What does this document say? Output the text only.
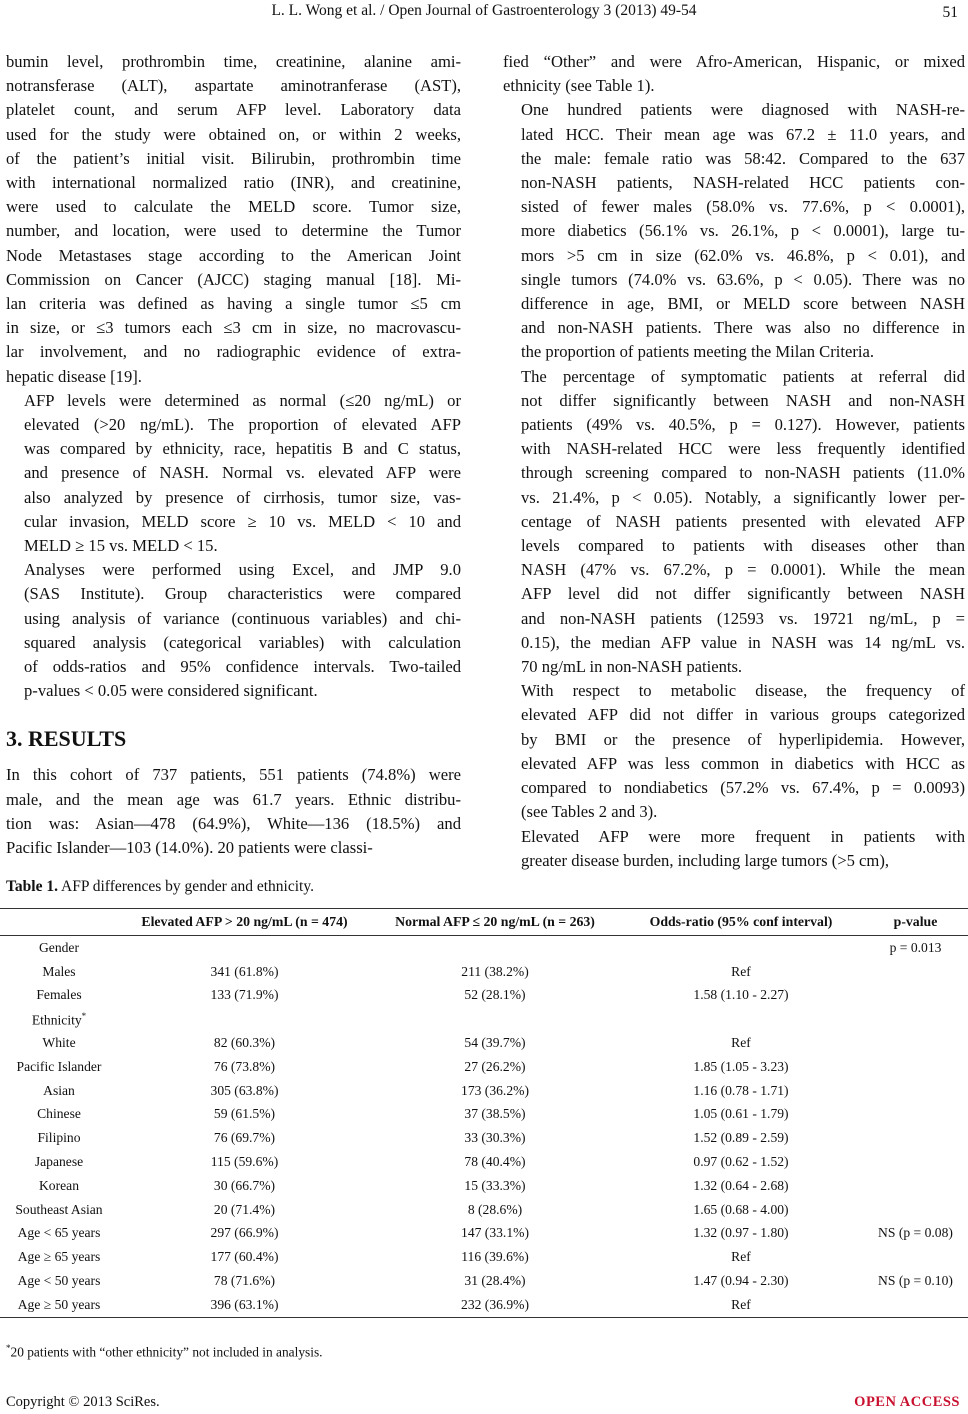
L. L. Wong et al. / Open Journal of Gastroenterology 3 (2013) 49-54	51

bumin level, prothrombin time, creatinine, alanine ami-
notransferase (ALT), aspartate aminotranferase (AST),
platelet count, and serum AFP level. Laboratory data
used for the study were obtained on, or within 2 weeks,
of the patient’s initial visit. Bilirubin, prothrombin time
with international normalized ratio (INR), and creatinine,
were used to calculate the MELD score. Tumor size,
number, and location, were used to determine the Tumor
Node Metastases stage according to the American Joint
Commission on Cancer (AJCC) staging manual [18]. Mi-
lan criteria was defined as having a single tumor ≤5 cm
in size, or ≤3 tumors each ≤3 cm in size, no macrovascu-
lar involvement, and no radiographic evidence of extra-
hepatic disease [19].

AFP levels were determined as normal (≤20 ng/mL) or
elevated (>20 ng/mL). The proportion of elevated AFP
was compared by ethnicity, race, hepatitis B and C status,
and presence of NASH. Normal vs. elevated AFP were
also analyzed by presence of cirrhosis, tumor size, vas-
cular invasion, MELD score ≥ 10 vs. MELD < 10 and
MELD ≥ 15 vs. MELD < 15.

Analyses were performed using Excel, and JMP 9.0
(SAS Institute). Group characteristics were compared
using analysis of variance (continuous variables) and chi-
squared analysis (categorical variables) with calculation
of odds-ratios and 95% confidence intervals. Two-tailed
p-values < 0.05 were considered significant.

3. RESULTS

In this cohort of 737 patients, 551 patients (74.8%) were
male, and the mean age was 61.7 years. Ethnic distribu-
tion was: Asian—478 (64.9%), White—136 (18.5%) and
Pacific Islander—103 (14.0%). 20 patients were classi-

fied “Other” and were Afro-American, Hispanic, or mixed
ethnicity (see Table 1).

One hundred patients were diagnosed with NASH-re-
lated HCC. Their mean age was 67.2 ± 11.0 years, and
the male: female ratio was 58:42. Compared to the 637
non-NASH patients, NASH-related HCC patients con-
sisted of fewer males (58.0% vs. 77.6%, p < 0.0001),
more diabetics (56.1% vs. 26.1%, p < 0.0001), large tu-
mors >5 cm in size (62.0% vs. 46.8%, p < 0.01), and
single tumors (74.0% vs. 63.6%, p < 0.05). There was no
difference in age, BMI, or MELD score between NASH
and non-NASH patients. There was also no difference in
the proportion of patients meeting the Milan Criteria.

The percentage of symptomatic patients at referral did
not differ significantly between NASH and non-NASH
patients (49% vs. 40.5%, p = 0.127). However, patients
with NASH-related HCC were less frequently identified
through screening compared to non-NASH patients (11.0%
vs. 21.4%, p < 0.05). Notably, a significantly lower per-
centage of NASH patients presented with elevated AFP
levels compared to patients with diseases other than
NASH (47% vs. 67.2%, p = 0.0001). While the mean
AFP level did not differ significantly between NASH
and non-NASH patients (12593 vs. 19721 ng/mL, p =
0.15), the median AFP value in NASH was 14 ng/mL vs.
70 ng/mL in non-NASH patients.

With respect to metabolic disease, the frequency of
elevated AFP did not differ in various groups categorized
by BMI or the presence of hyperlipidemia. However,
elevated AFP was less common in diabetics with HCC as
compared to nondiabetics (57.2% vs. 67.4%, p = 0.0093)
(see Tables 2 and 3).

Elevated AFP were more frequent in patients with
greater disease burden, including large tumors (>5 cm),

Table 1. AFP differences by gender and ethnicity.
	Elevated AFP > 20 ng/mL (n = 474)	Normal AFP ≤ 20 ng/mL (n = 263)	Odds-ratio (95% conf interval)	p-value
Gender				p = 0.013
Males	341 (61.8%)	211 (38.2%)	Ref	
Females	133 (71.9%)	52 (28.1%)	1.58 (1.10 - 2.27)	
Ethnicity*				
White	82 (60.3%)	54 (39.7%)	Ref	
Pacific Islander	76 (73.8%)	27 (26.2%)	1.85 (1.05 - 3.23)	
Asian	305 (63.8%)	173 (36.2%)	1.16 (0.78 - 1.71)	
Chinese	59 (61.5%)	37 (38.5%)	1.05 (0.61 - 1.79)	
Filipino	76 (69.7%)	33 (30.3%)	1.52 (0.89 - 2.59)	
Japanese	115 (59.6%)	78 (40.4%)	0.97 (0.62 - 1.52)	
Korean	30 (66.7%)	15 (33.3%)	1.32 (0.64 - 2.68)	
Southeast Asian	20 (71.4%)	8 (28.6%)	1.65 (0.68 - 4.00)	
Age < 65 years	297 (66.9%)	147 (33.1%)	1.32 (0.97 - 1.80)	NS (p = 0.08)
Age ≥ 65 years	177 (60.4%)	116 (39.6%)	Ref	
Age < 50 years	78 (71.6%)	31 (28.4%)	1.47 (0.94 - 2.30)	NS (p = 0.10)
Age ≥ 50 years	396 (63.1%)	232 (36.9%)	Ref	
*20 patients with “other ethnicity” not included in analysis.
Copyright © 2013 SciRes.	OPEN ACCESS
